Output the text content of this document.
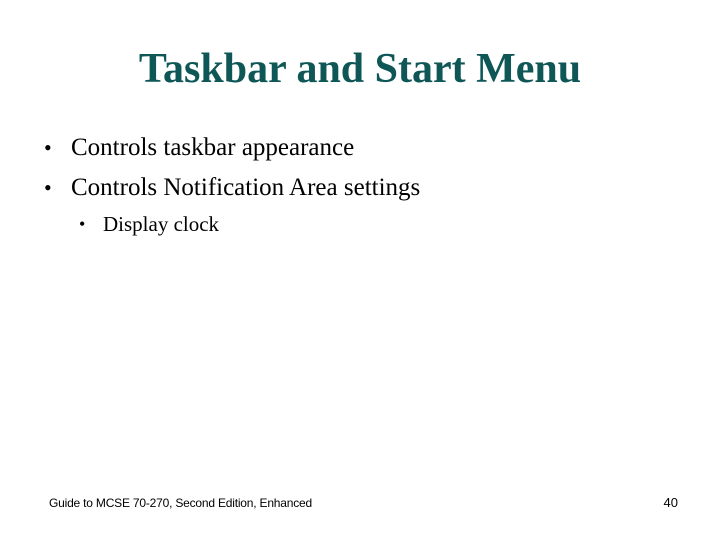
Taskbar and Start Menu
• Controls taskbar appearance
• Controls Notification Area settings
• Display clock
Guide to MCSE 70-270, Second Edition, Enhanced	40
